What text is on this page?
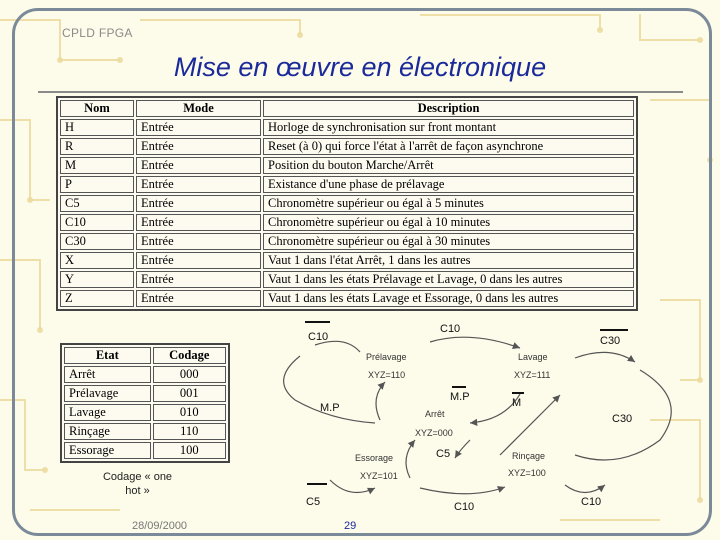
CPLD FPGA
Mise en œuvre en électronique
Nom	Mode	Description
H	Entrée	Horloge de synchronisation sur front montant
R	Entrée	Reset (à 0) qui force l'état à l'arrêt de façon asynchrone
M	Entrée	Position du bouton Marche/Arrêt
P	Entrée	Existance d'une phase de prélavage
C5	Entrée	Chronomètre supérieur ou égal à 5 minutes
C10	Entrée	Chronomètre supérieur ou égal à 10 minutes
C30	Entrée	Chronomètre supérieur ou égal à 30 minutes
X	Entrée	Vaut 1 dans l'état Arrêt, 1 dans les autres
Y	Entrée	Vaut 1 dans les états Prélavage et Lavage, 0 dans les autres
Z	Entrée	Vaut 1 dans les états Lavage et Essorage, 0 dans les autres
Etat	Codage
Arrêt	000
Prélavage	001
Lavage	010
Rinçage	110
Essorage	100
Codage « one
hot »
Prélavage
XYZ=110
Lavage
XYZ=111
Arrêt
XYZ=000
Essorage
XYZ=101
Rinçage
XYZ=100
C10
C10	C30
M.P	M
M.P
C30
C5
C5	C10	C10
28/09/2000	29
